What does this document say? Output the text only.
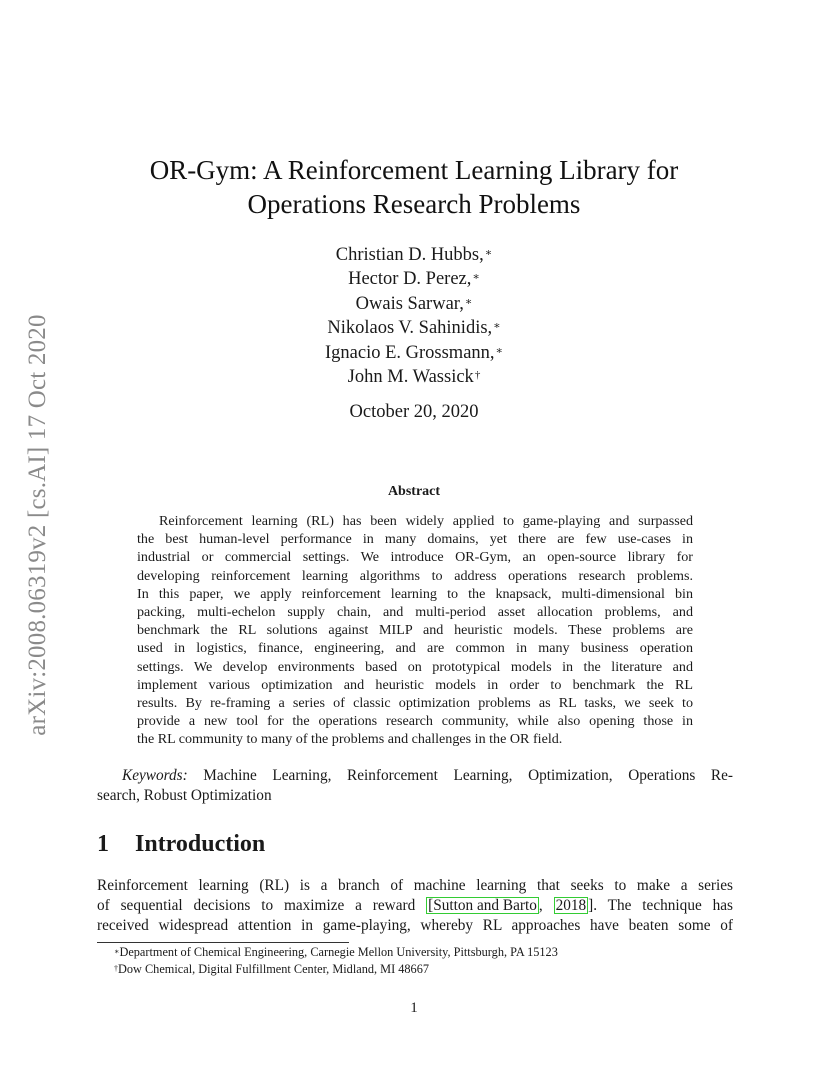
arXiv:2008.06319v2 [cs.AI] 17 Oct 2020
OR-Gym: A Reinforcement Learning Library for
Operations Research Problems
Christian D. Hubbs,∗
Hector D. Perez,∗
Owais Sarwar,∗
Nikolaos V. Sahinidis,∗
Ignacio E. Grossmann,∗
John M. Wassick†
October 20, 2020
Abstract
Reinforcement learning (RL) has been widely applied to game-playing and surpassed
the best human-level performance in many domains, yet there are few use-cases in
industrial or commercial settings. We introduce OR-Gym, an open-source library for
developing reinforcement learning algorithms to address operations research problems.
In this paper, we apply reinforcement learning to the knapsack, multi-dimensional bin
packing, multi-echelon supply chain, and multi-period asset allocation problems, and
benchmark the RL solutions against MILP and heuristic models. These problems are
used in logistics, finance, engineering, and are common in many business operation
settings. We develop environments based on prototypical models in the literature and
implement various optimization and heuristic models in order to benchmark the RL
results. By re-framing a series of classic optimization problems as RL tasks, we seek to
provide a new tool for the operations research community, while also opening those in
the RL community to many of the problems and challenges in the OR field.
Keywords: Machine Learning, Reinforcement Learning, Optimization, Operations Re-
search, Robust Optimization
1 Introduction
Reinforcement learning (RL) is a branch of machine learning that seeks to make a series
of sequential decisions to maximize a reward [Sutton and Barto , 2018 ]. The technique has
received widespread attention in game-playing, whereby RL approaches have beaten some of
∗Department of Chemical Engineering, Carnegie Mellon University, Pittsburgh, PA 15123
†Dow Chemical, Digital Fulfillment Center, Midland, MI 48667
1
